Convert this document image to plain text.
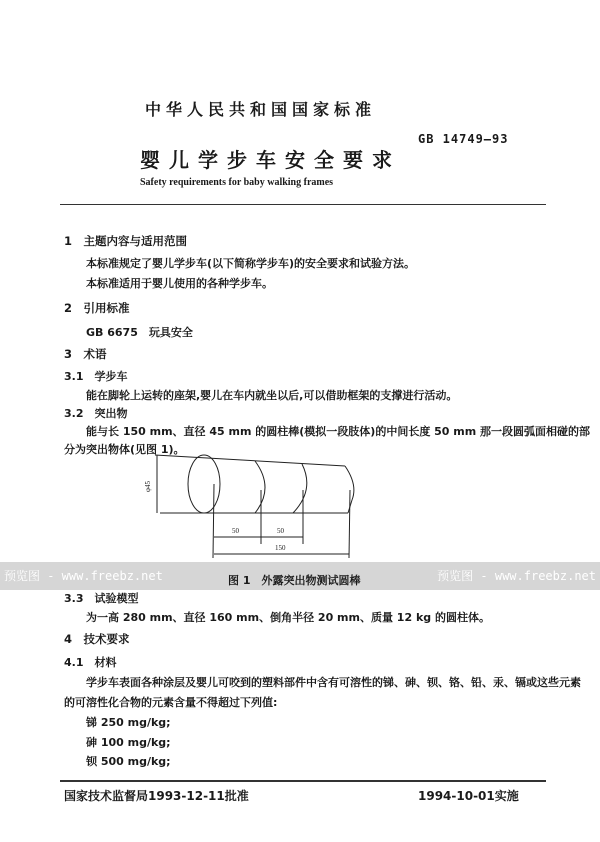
中华人民共和国国家标准
GB 14749—93
婴儿学步车安全要求
Safety requirements for baby walking frames
1　主题内容与适用范围
本标准规定了婴儿学步车(以下简称学步车)的安全要求和试验方法。
本标准适用于婴儿使用的各种学步车。
2　引用标准
GB 6675　玩具安全
3　术语
3.1　学步车
能在脚轮上运转的座架,婴儿在车内就坐以后,可以借助框架的支撑进行活动。
3.2　突出物
能与长 150 mm、直径 45 mm 的圆柱棒(模拟一段肢体)的中间长度 50 mm 那一段圆弧面相碰的部
分为突出物体(见图 1)。
φ45
50	50
150
预览图 - www.freebz.net	预览图 - www.freebz.net
图 1　外露突出物测试圆棒
3.3　试验模型
为一高 280 mm、直径 160 mm、倒角半径 20 mm、质量 12 kg 的圆柱体。
4　技术要求
4.1　材料
学步车表面各种涂层及婴儿可咬到的塑料部件中含有可溶性的锑、砷、钡、铬、铅、汞、镉或这些元素
的可溶性化合物的元素含量不得超过下列值:
锑 250 mg/kg;
砷 100 mg/kg;
钡 500 mg/kg;
国家技术监督局1993-12-11批准	1994-10-01实施
